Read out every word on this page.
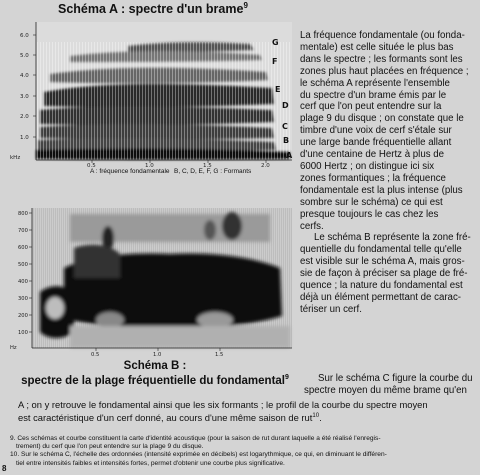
Schéma A : spectre d'un brame$^9$
6.0
5.0
4.0
3.0
2.0
1.0
kHz
0.5	1.0	1.5	2.0
G
F
E
D
C
B
A
A : fréquence fondamentale B, C, D, E, F, G : Formants
La fréquence fondamentale (ou fonda-
mentale) est celle située le plus bas
dans le spectre ; les formants sont les
zones plus haut placées en fréquence ;
le schéma A représente l'ensemble
du spectre d'un brame émis par le
cerf que l'on peut entendre sur la
plage 9 du disque ; on constate que le
timbre d'une voix de cerf s'étale sur
une large bande fréquentielle allant
d'une centaine de Hertz à plus de
6000 Hertz ; on distingue ici six
zones formantiques ; la fréquence
fondamentale est la plus intense (plus
sombre sur le schéma) ce qui est
presque toujours le cas chez les
cerfs.
Le schéma B représente la zone fré-
quentielle du fondamental telle qu'elle
est visible sur le schéma A, mais gros-
sie de façon à préciser sa plage de fré-
quence ; la nature du fondamental est
déjà un élément permettant de carac-
tériser un cerf.
800
700
600
500
400
300
200
100
Hz
0.5	1.0	1.5
Schéma B :
spectre de la plage fréquentielle du fondamental$^9$	Sur le schéma C figure la courbe du
spectre moyen du même brame qu'en
A ; on y retrouve le fondamental ainsi que les six formants ; le profil de la courbe du spectre moyen
est caractéristique d'un cerf donné, au cours d'une même saison de rut$^{10}$.
9. Ces schémas et courbe constituent la carte d'identité acoustique (pour la saison de rut durant laquelle a été réalisé l'enregis-
trement) du cerf que l'on peut entendre sur la plage 9 du disque.
10. Sur le schéma C, l'échelle des ordonnées (intensité exprimée en décibels) est logarythmique, ce qui, en diminuant le différen-
tiel entre intensités faibles et intensités fortes, permet d'obtenir une courbe plus significative.
8
